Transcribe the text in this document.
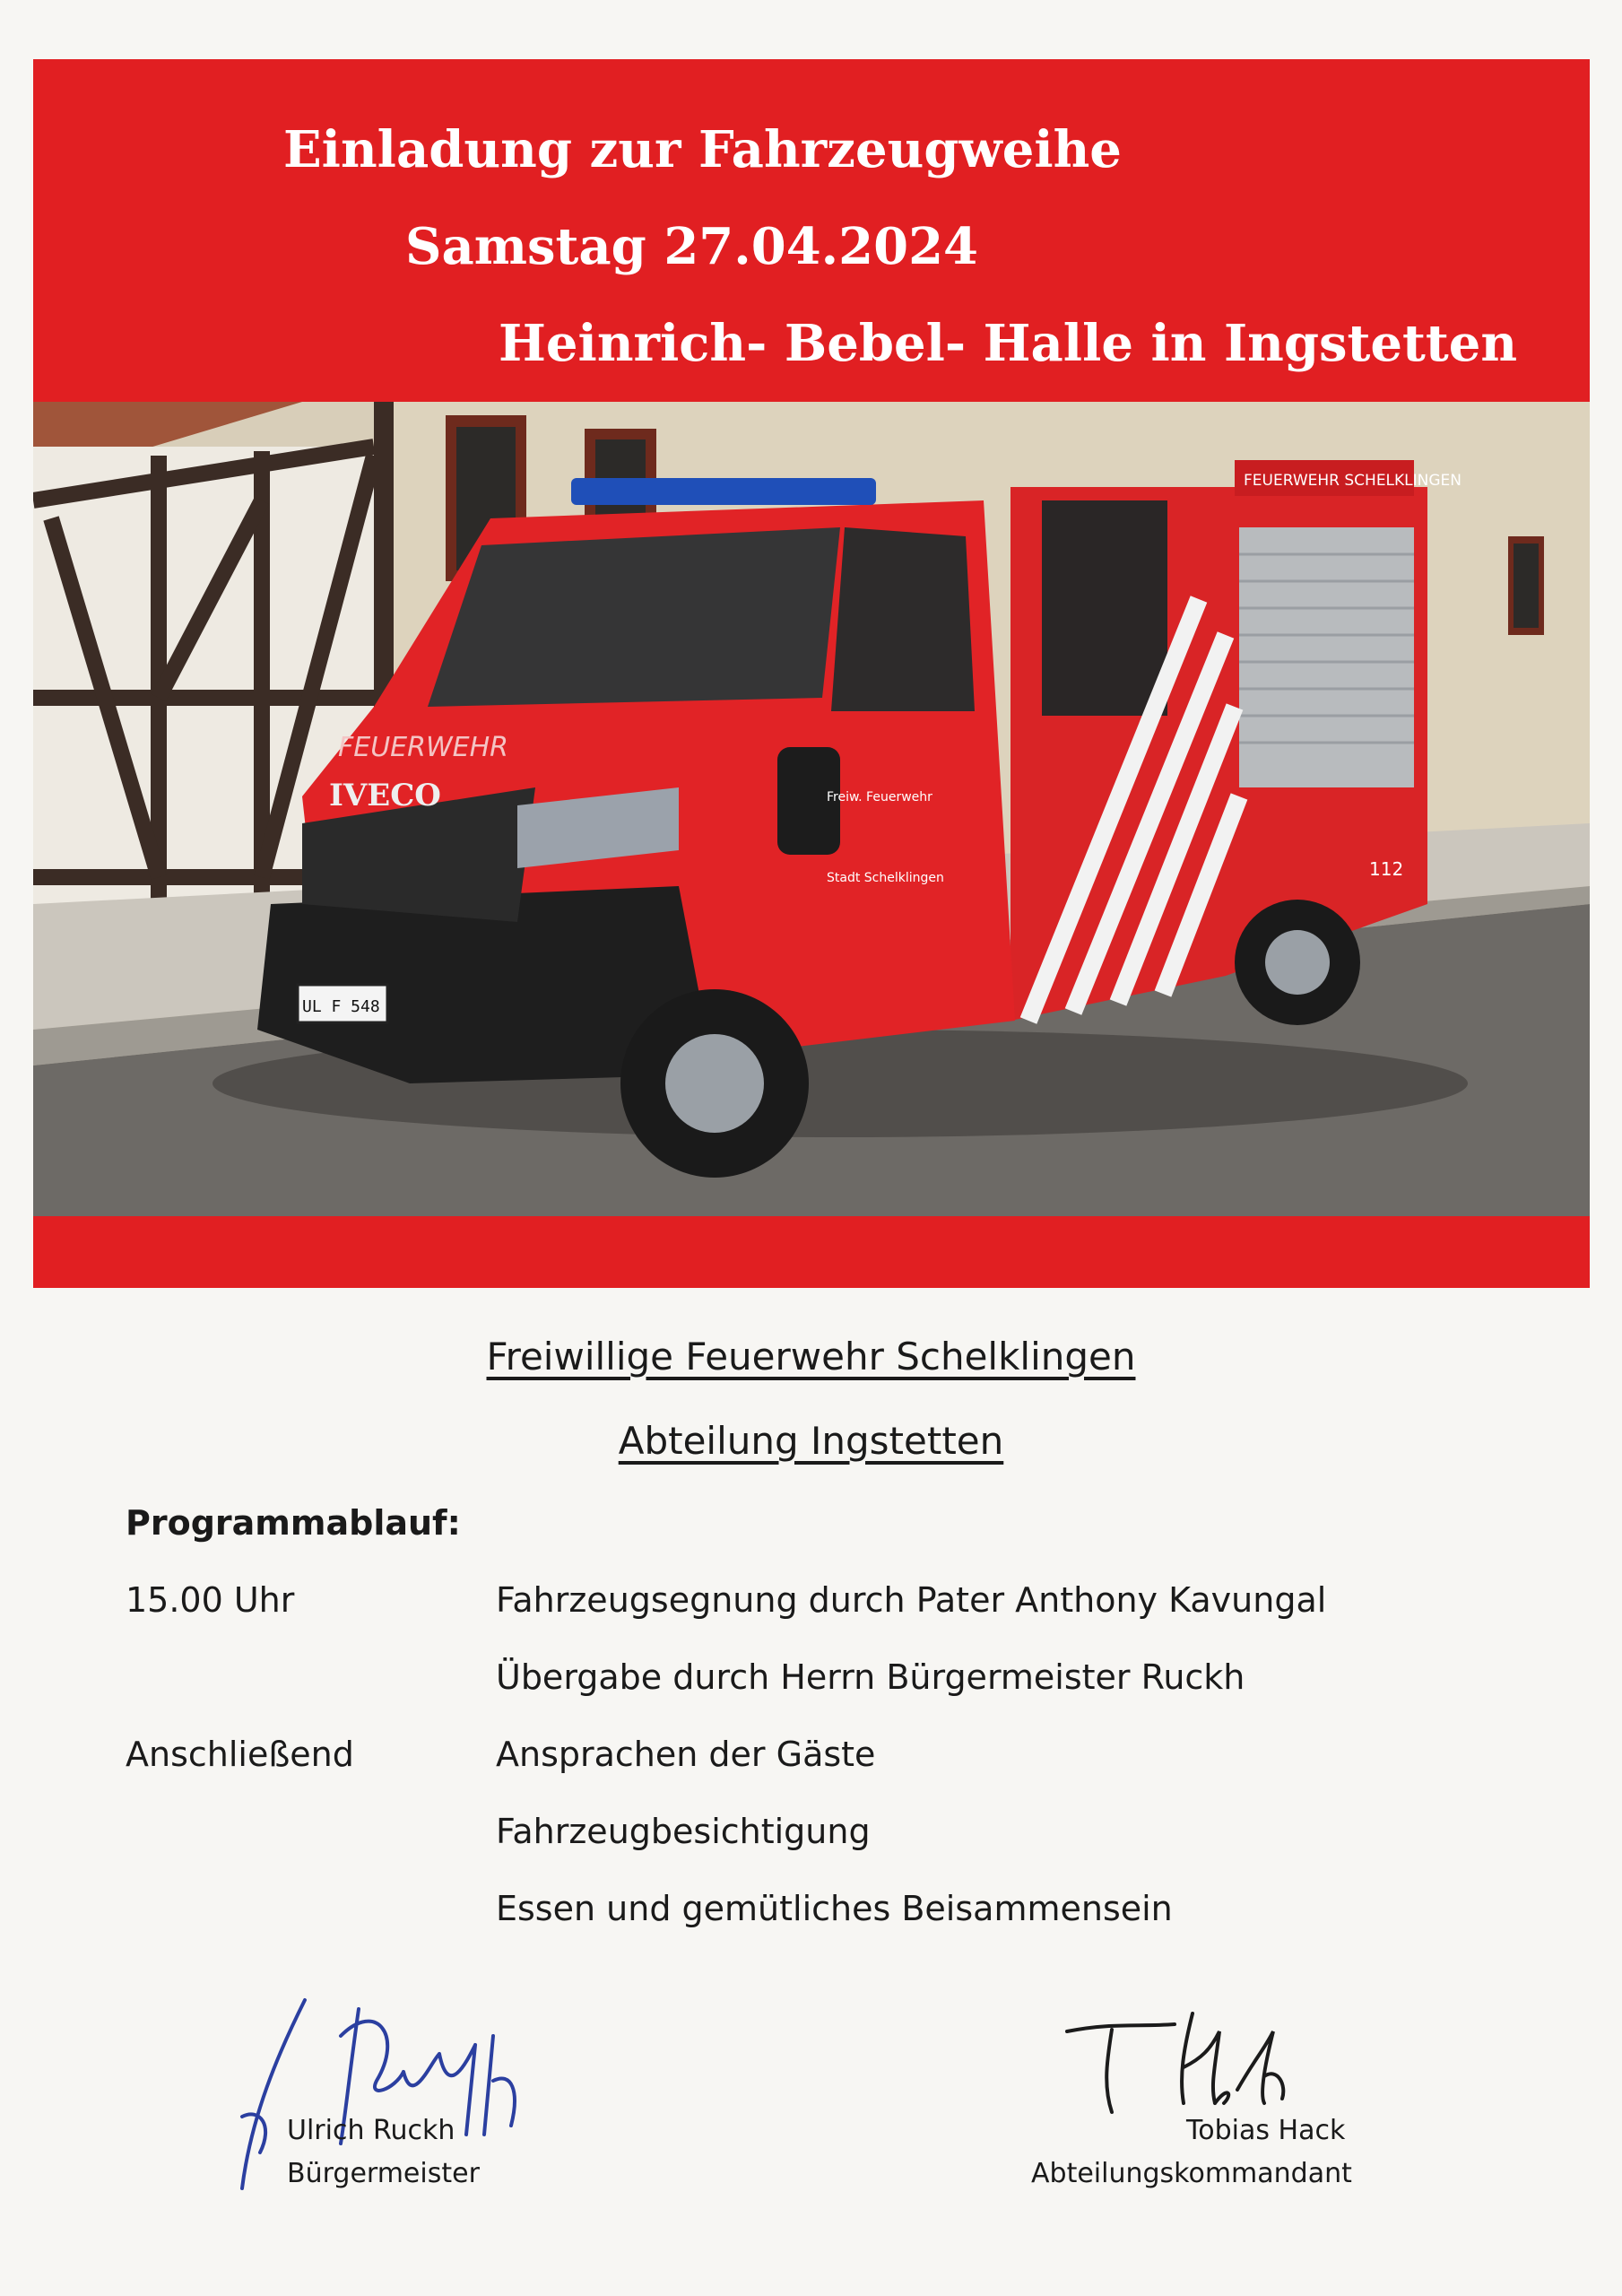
Einladung zur Fahrzeugweihe
Samstag 27.04.2024
Heinrich- Bebel- Halle in Ingstetten
FEUERWEHR SCHELKLINGEN
112
IVECO
FEUERWEHR
Freiw. Feuerwehr
Stadt Schelklingen
UL F 548
Freiwillige Feuerwehr Schelklingen
Abteilung Ingstetten
Programmablauf:
15.00 Uhr	Fahrzeugsegnung durch Pater Anthony Kavungal
Übergabe durch Herrn Bürgermeister Ruckh
Anschließend	Ansprachen der Gäste
Fahrzeugbesichtigung
Essen und gemütliches Beisammensein
Ulrich Ruckh
Bürgermeister
Tobias Hack
Abteilungskommandant
